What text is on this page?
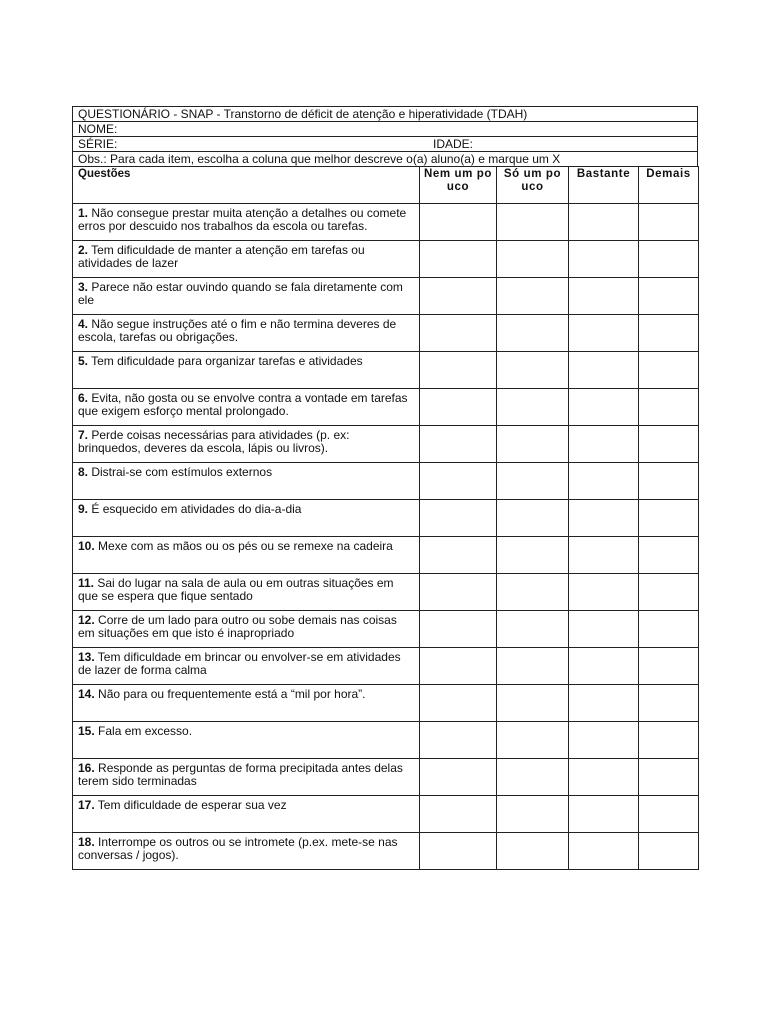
QUESTIONÁRIO - SNAP - Transtorno de déficit de atenção e hiperatividade (TDAH)
NOME:
SÉRIE:	IDADE:
Obs.: Para cada item, escolha a coluna que melhor descreve o(a) aluno(a) e marque um X
Questões	Nem um pouco	Só um pouco	Bastante	Demais
1. Não consegue prestar muita atenção a detalhes ou comete erros por descuido nos trabalhos da escola ou tarefas.				
2. Tem dificuldade de manter a atenção em tarefas ou atividades de lazer				
3. Parece não estar ouvindo quando se fala diretamente com ele				
4. Não segue instruções até o fim e não termina deveres de escola, tarefas ou obrigações.				
5. Tem dificuldade para organizar tarefas e atividades				
6. Evita, não gosta ou se envolve contra a vontade em tarefas que exigem esforço mental prolongado.				
7. Perde coisas necessárias para atividades (p. ex: brinquedos, deveres da escola, lápis ou livros).				
8. Distrai-se com estímulos externos				
9. É esquecido em atividades do dia-a-dia				
10. Mexe com as mãos ou os pés ou se remexe na cadeira				
11. Sai do lugar na sala de aula ou em outras situações em que se espera que fique sentado				
12. Corre de um lado para outro ou sobe demais nas coisas em situações em que isto é inapropriado				
13. Tem dificuldade em brincar ou envolver-se em atividades de lazer de forma calma				
14. Não para ou frequentemente está a “mil por hora”.				
15. Fala em excesso.				
16. Responde as perguntas de forma precipitada antes delas terem sido terminadas				
17. Tem dificuldade de esperar sua vez				
18. Interrompe os outros ou se intromete (p.ex. mete-se nas conversas / jogos).				
